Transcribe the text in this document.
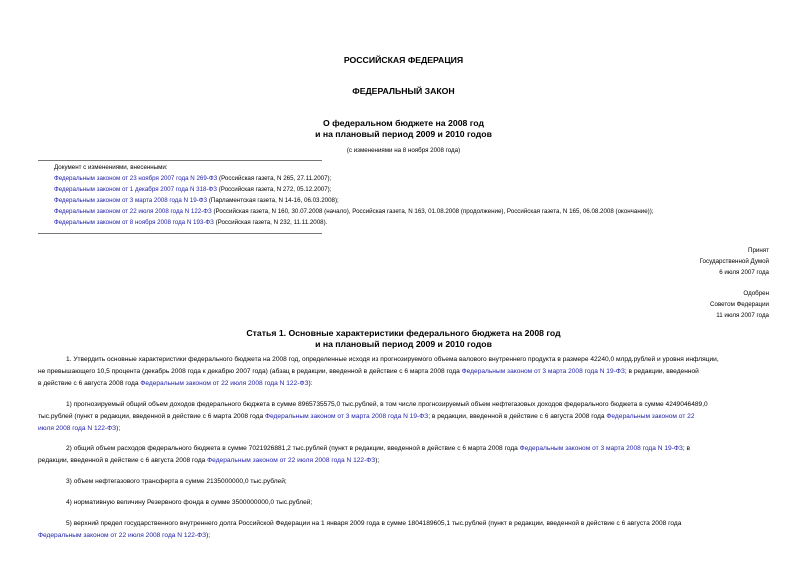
РОССИЙСКАЯ ФЕДЕРАЦИЯ
ФЕДЕРАЛЬНЫЙ ЗАКОН
О федеральном бюджете на 2008 год
и на плановый период 2009 и 2010 годов
(с изменениями на 8 ноября 2008 года)
Документ с изменениями, внесенными:
Федеральным законом от 23 ноября 2007 года N 269-ФЗ (Российская газета, N 265, 27.11.2007);
Федеральным законом от 1 декабря 2007 года N 318-ФЗ (Российская газета, N 272, 05.12.2007);
Федеральным законом от 3 марта 2008 года N 19-ФЗ (Парламентская газета, N 14-16, 06.03.2008);
Федеральным законом от 22 июля 2008 года N 122-ФЗ (Российская газета, N 160, 30.07.2008 (начало), Российская газета, N 163, 01.08.2008 (продолжение), Российская газета, N 165, 06.08.2008 (окончание));
Федеральным законом от 8 ноября 2008 года N 193-ФЗ (Российская газета, N 232, 11.11.2008).
Принят
Государственной Думой
6 июля 2007 года
Одобрен
Советом Федерации
11 июля 2007 года
Статья 1. Основные характеристики федерального бюджета на 2008 год
и на плановый период 2009 и 2010 годов
1. Утвердить основные характеристики федерального бюджета на 2008 год, определенные исходя из прогнозируемого объема валового внутреннего продукта в размере 42240,0 млрд.рублей и уровня инфляции,
не превышающего 10,5 процента (декабрь 2008 года к декабрю 2007 года) (абзац в редакции, введенной в действие с 6 марта 2008 года Федеральным законом от 3 марта 2008 года N 19-ФЗ; в редакции, введенной
в действие с 6 августа 2008 года Федеральным законом от 22 июля 2008 года N 122-ФЗ):
1) прогнозируемый общий объем доходов федерального бюджета в сумме 8965735575,0 тыс.рублей, в том числе прогнозируемый объем нефтегазовых доходов федерального бюджета в сумме 4249046489,0
тыс.рублей (пункт в редакции, введенной в действие с 6 марта 2008 года Федеральным законом от 3 марта 2008 года N 19-ФЗ; в редакции, введенной в действие с 6 августа 2008 года Федеральным законом от 22
июля 2008 года N 122-ФЗ);
2) общий объем расходов федерального бюджета в сумме 7021926881,2 тыс.рублей (пункт в редакции, введенной в действие с 6 марта 2008 года Федеральным законом от 3 марта 2008 года N 19-ФЗ; в
редакции, введенной в действие с 6 августа 2008 года Федеральным законом от 22 июля 2008 года N 122-ФЗ);
3) объем нефтегазового трансферта в сумме 2135000000,0 тыс.рублей;
4) нормативную величину Резервного фонда в сумме 3500000000,0 тыс.рублей;
5) верхний предел государственного внутреннего долга Российской Федерации на 1 января 2009 года в сумме 1804189605,1 тыс.рублей (пункт в редакции, введенной в действие с 6 августа 2008 года
Федеральным законом от 22 июля 2008 года N 122-ФЗ);
